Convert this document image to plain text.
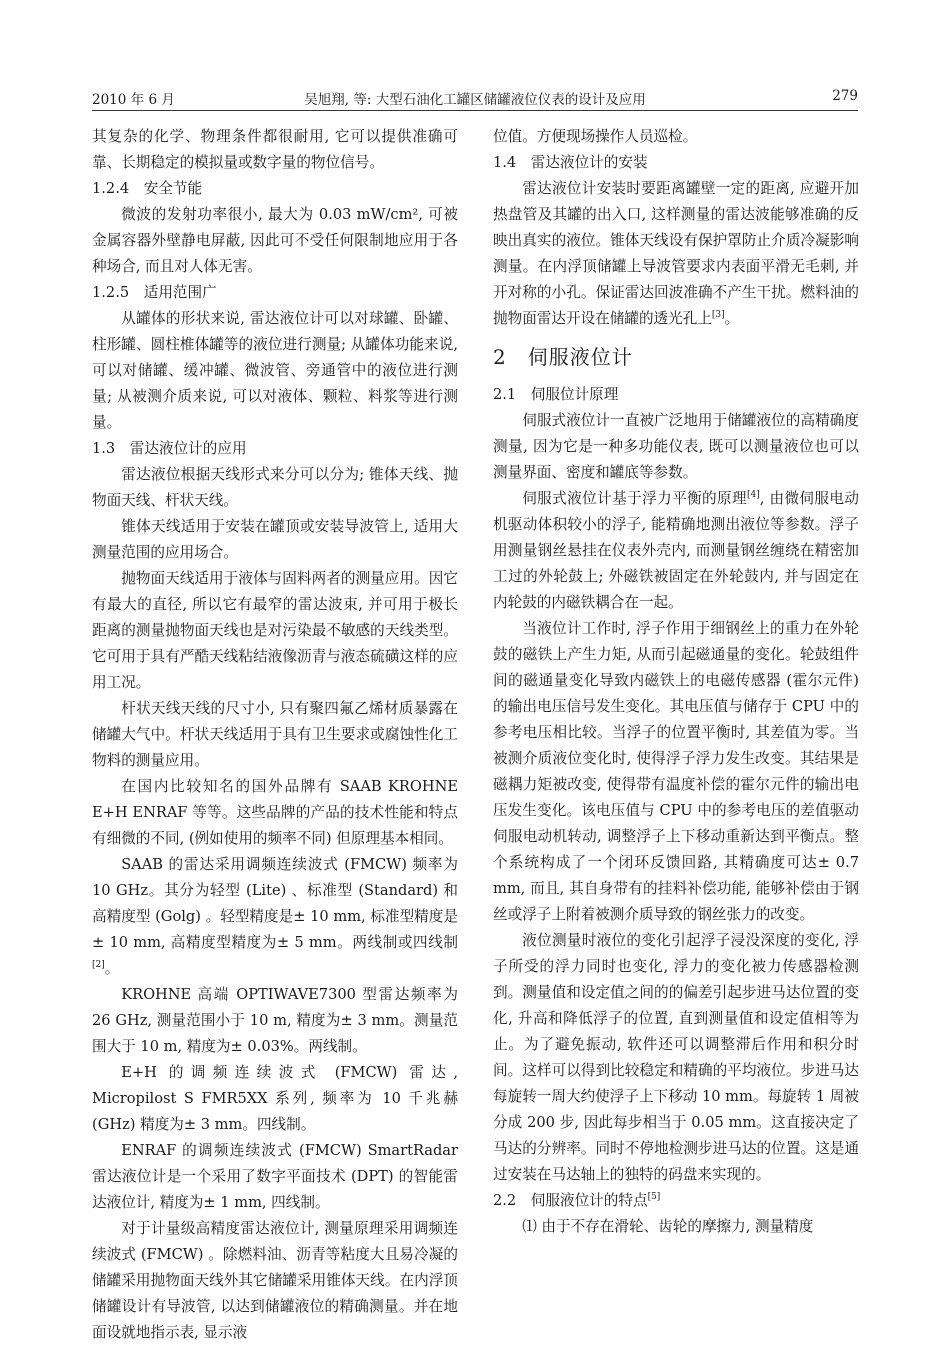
2010 年 6 月	吴旭翔, 等: 大型石油化工罐区储罐液位仪表的设计及应用	279

其复杂的化学、物理条件都很耐用, 它可以提供准确可靠、长期稳定的模拟量或数字量的物位信号。

1.2.4　安全节能

微波的发射功率很小, 最大为 0.03 mW/cm², 可被金属容器外壁静电屏蔽, 因此可不受任何限制地应用于各种场合, 而且对人体无害。

1.2.5　适用范围广

从罐体的形状来说, 雷达液位计可以对球罐、卧罐、柱形罐、圆柱椎体罐等的液位进行测量; 从罐体功能来说, 可以对储罐、缓冲罐、微波管、旁通管中的液位进行测量; 从被测介质来说, 可以对液体、颗粒、料浆等进行测量。

1.3　雷达液位计的应用

雷达液位根据天线形式来分可以分为; 锥体天线、抛物面天线、杆状天线。

锥体天线适用于安装在罐顶或安装导波管上, 适用大测量范围的应用场合。

抛物面天线适用于液体与固料两者的测量应用。因它有最大的直径, 所以它有最窄的雷达波束, 并可用于极长距离的测量抛物面天线也是对污染最不敏感的天线类型。它可用于具有严酷天线粘结液像沥青与液态硫磺这样的应用工况。

杆状天线天线的尺寸小, 只有聚四氟乙烯材质暴露在储罐大气中。杆状天线适用于具有卫生要求或腐蚀性化工物料的测量应用。

在国内比较知名的国外品牌有 SAAB KROHNE E+H ENRAF 等等。这些品牌的产品的技术性能和特点有细微的不同, (例如使用的频率不同) 但原理基本相同。

SAAB 的雷达采用调频连续波式 (FMCW) 频率为 10 GHz。其分为轻型 (Lite) 、标准型 (Standard) 和高精度型 (Golg) 。轻型精度是± 10 mm, 标准型精度是± 10 mm, 高精度型精度为± 5 mm。两线制或四线制[2]。

KROHNE 高端 OPTIWAVE7300 型雷达频率为 26 GHz, 测量范围小于 10 m, 精度为± 3 mm。测量范围大于 10 m, 精度为± 0.03%。两线制。

E+H 的调频连续波式 (FMCW) 雷达, Micropilost S FMR5XX 系列, 频率为 10 千兆赫 (GHz) 精度为± 3 mm。四线制。

ENRAF 的调频连续波式 (FMCW) SmartRadar 雷达液位计是一个采用了数字平面技术 (DPT) 的智能雷达液位计, 精度为± 1 mm, 四线制。

对于计量级高精度雷达液位计, 测量原理采用调频连续波式 (FMCW) 。除燃料油、沥青等粘度大且易冷凝的储罐采用抛物面天线外其它储罐采用锥体天线。在内浮顶储罐设计有导波管, 以达到储罐液位的精确测量。并在地面设就地指示表, 显示液

位值。方便现场操作人员巡检。

1.4　雷达液位计的安装

雷达液位计安装时要距离罐壁一定的距离, 应避开加热盘管及其罐的出入口, 这样测量的雷达波能够准确的反映出真实的液位。锥体天线设有保护罩防止介质冷凝影响测量。在内浮顶储罐上导波管要求内表面平滑无毛刺, 并开对称的小孔。保证雷达回波准确不产生干扰。燃料油的抛物面雷达开设在储罐的透光孔上[3]。

2　伺服液位计

2.1　伺服位计原理

伺服式液位计一直被广泛地用于储罐液位的高精确度测量, 因为它是一种多功能仪表, 既可以测量液位也可以测量界面、密度和罐底等参数。

伺服式液位计基于浮力平衡的原理[4], 由微伺服电动机驱动体积较小的浮子, 能精确地测出液位等参数。浮子用测量钢丝悬挂在仪表外壳内, 而测量钢丝缠绕在精密加工过的外轮鼓上; 外磁铁被固定在外轮鼓内, 并与固定在内轮鼓的内磁铁耦合在一起。

当液位计工作时, 浮子作用于细钢丝上的重力在外轮鼓的磁铁上产生力矩, 从而引起磁通量的变化。轮鼓组件间的磁通量变化导致内磁铁上的电磁传感器 (霍尔元件) 的输出电压信号发生变化。其电压值与储存于 CPU 中的参考电压相比较。当浮子的位置平衡时, 其差值为零。当被测介质液位变化时, 使得浮子浮力发生改变。其结果是磁耦力矩被改变, 使得带有温度补偿的霍尔元件的输出电压发生变化。该电压值与 CPU 中的参考电压的差值驱动伺服电动机转动, 调整浮子上下移动重新达到平衡点。整个系统构成了一个闭环反馈回路, 其精确度可达± 0.7 mm, 而且, 其自身带有的挂料补偿功能, 能够补偿由于钢丝或浮子上附着被测介质导致的钢丝张力的改变。

液位测量时液位的变化引起浮子浸没深度的变化, 浮子所受的浮力同时也变化, 浮力的变化被力传感器检测到。测量值和设定值之间的的偏差引起步进马达位置的变化, 升高和降低浮子的位置, 直到测量值和设定值相等为止。为了避免振动, 软件还可以调整滞后作用和积分时间。这样可以得到比较稳定和精确的平均液位。步进马达每旋转一周大约使浮子上下移动 10 mm。每旋转 1 周被分成 200 步, 因此每步相当于 0.05 mm。这直接决定了马达的分辨率。同时不停地检测步进马达的位置。这是通过安装在马达轴上的独特的码盘来实现的。

2.2　伺服液位计的特点[5]

⑴ 由于不存在滑轮、齿轮的摩擦力, 测量精度
